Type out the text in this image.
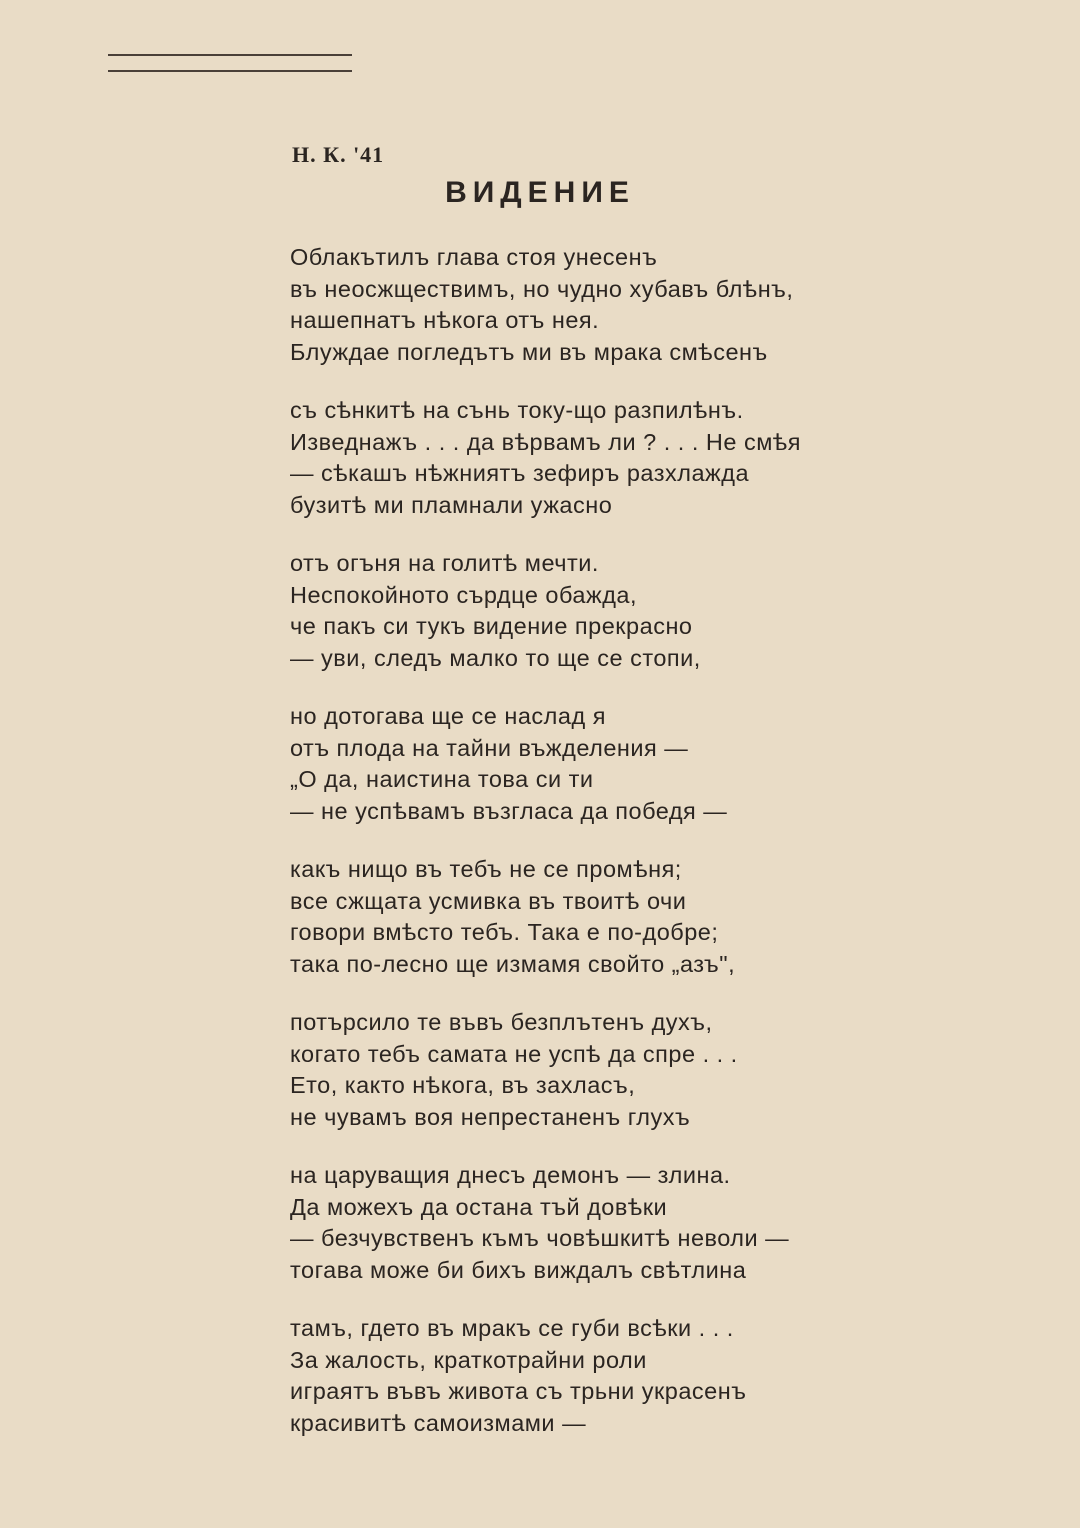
Н. К. '41
ВИДЕНИЕ
Облакътилъ глава стоя унесенъ
въ неосжществимъ, но чудно хубавъ блѣнъ,
нашепнатъ нѣкога отъ нея.
Блуждае погледътъ ми въ мрака смѣсенъ
съ сѣнкитѣ на сънь току-що разпилѣнъ.
Изведнажъ . . . да вѣрвамъ ли ? . . . Не смѣя
— сѣкашъ нѣжниятъ зефиръ разхлажда
бузитѣ ми пламнали ужасно
отъ огъня на голитѣ мечти.
Неспокойното сърдце обажда,
че пакъ си тукъ видение прекрасно
— уви, следъ малко то ще се стопи,
но дотогава ще се наслад я
отъ плода на тайни въжделения —
„О да, наистина това си ти
— не успѣвамъ възгласа да победя —
какъ нищо въ тебъ не се промѣня;
все сжщата усмивка въ твоитѣ очи
говори вмѣсто тебъ. Така е по-добре;
така по-лесно ще измамя свойто „азъ",
потърсило те въвъ безплътенъ духъ,
когато тебъ самата не успѣ да спре . . .
Ето, както нѣкога, въ захласъ,
не чувамъ воя непрестаненъ глухъ
на царуващия днесъ демонъ — злина.
Да можехъ да остана тъй довѣки
— безчувственъ къмъ човѣшкитѣ неволи —
тогава може би бихъ виждалъ свѣтлина
тамъ, гдето въ мракъ се губи всѣки . . .
За жалость, краткотрайни роли
играятъ въвъ живота съ трьни украсенъ
красивитѣ самоизмами —
